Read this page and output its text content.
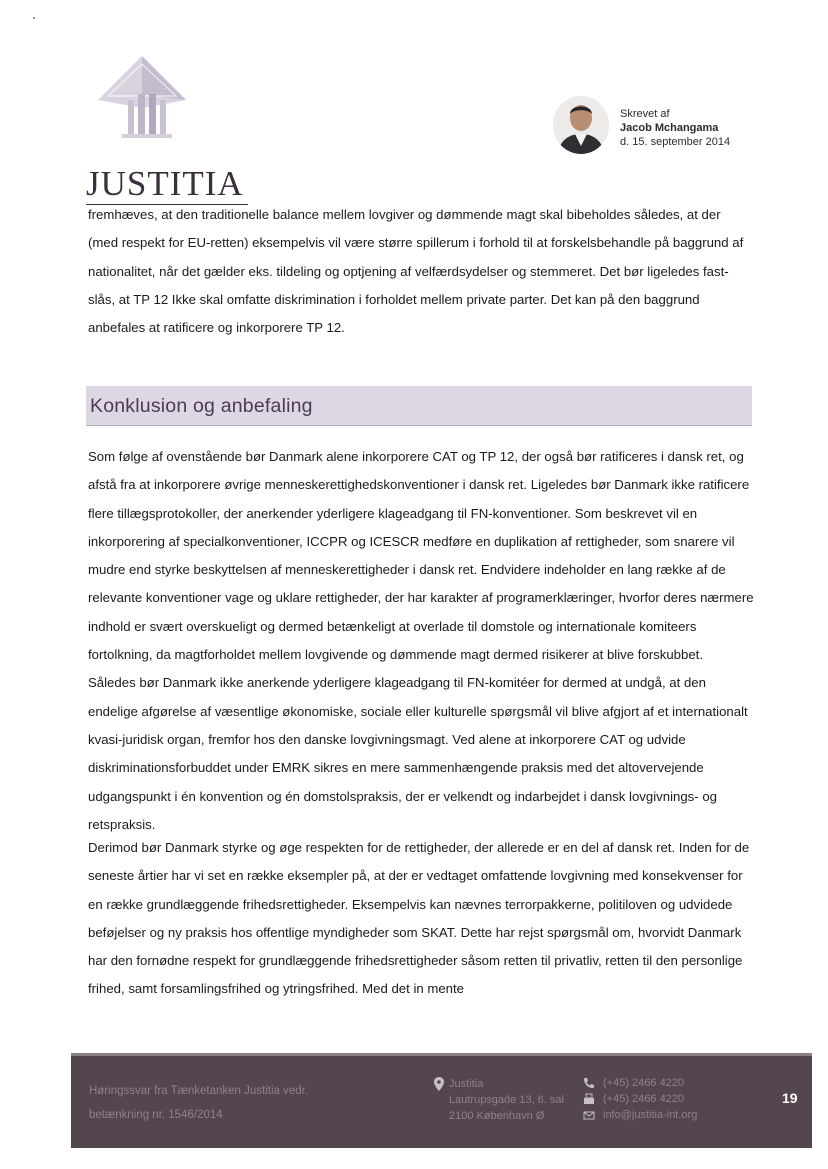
JUSTITIA
Skrevet af
Jacob Mchangama
d. 15. september 2014
fremhæves, at den traditionelle balance mellem lovgiver og dømmende magt skal bibeholdes således, at der (med respekt for EU-retten) eksempelvis vil være større spillerum i forhold til at forskelsbehandle på baggrund af nationalitet, når det gælder eks. tildeling og optjening af velfærdsydelser og stemmeret. Det bør ligeledes fast-slås, at TP 12 Ikke skal omfatte diskrimination i forholdet mellem private parter. Det kan på den baggrund anbefales at ratificere og inkorporere TP 12.
Konklusion og anbefaling
Som følge af ovenstående bør Danmark alene inkorporere CAT og TP 12, der også bør ratificeres i dansk ret, og afstå fra at inkorporere øvrige menneskerettighedskonventioner i dansk ret. Ligeledes bør Danmark ikke ratificere flere tillægsprotokoller, der anerkender yderligere klageadgang til FN-konventioner. Som beskrevet vil en inkorporering af specialkonventioner, ICCPR og ICESCR medføre en duplikation af rettigheder, som snarere vil mudre end styrke beskyttelsen af menneskerettigheder i dansk ret. Endvidere indeholder en lang række af de relevante konventioner vage og uklare rettigheder, der har karakter af programerklæringer, hvorfor deres nærmere indhold er svært overskueligt og dermed betænkeligt at overlade til domstole og internationale komiteers fortolkning, da magtforholdet mellem lovgivende og dømmende magt dermed risikerer at blive forskubbet. Således bør Danmark ikke anerkende yderligere klageadgang til FN-komitéer for dermed at undgå, at den endelige afgørelse af væsentlige økonomiske, sociale eller kulturelle spørgsmål vil blive afgjort af et internationalt kvasi-juridisk organ, fremfor hos den danske lovgivningsmagt. Ved alene at inkorporere CAT og udvide diskriminationsforbuddet under EMRK sikres en mere sammenhængende praksis med det altovervejende udgangspunkt i én konvention og én domstolspraksis, der er velkendt og indarbejdet i dansk lovgivnings- og retspraksis.
Derimod bør Danmark styrke og øge respekten for de rettigheder, der allerede er en del af dansk ret. Inden for de seneste årtier har vi set en række eksempler på, at der er vedtaget omfattende lovgivning med konsekvenser for en række grundlæggende frihedsrettigheder. Eksempelvis kan nævnes terrorpakkerne, politiloven og udvidede beføjelser og ny praksis hos offentlige myndigheder som SKAT. Dette har rejst spørgsmål om, hvorvidt Danmark har den fornødne respekt for grundlæggende frihedsrettigheder såsom retten til privatliv, retten til den personlige frihed, samt forsamlingsfrihed og ytringsfrihed. Med det in mente
Høringssvar fra Tænketanken Justitia vedr.
betænkning nr. 1546/2014
Justitia
Lautrupsgade 13, 6. sal
2100 København Ø
(+45) 2466 4220
(+45) 2466 4220
info@justitia-int.org
19
